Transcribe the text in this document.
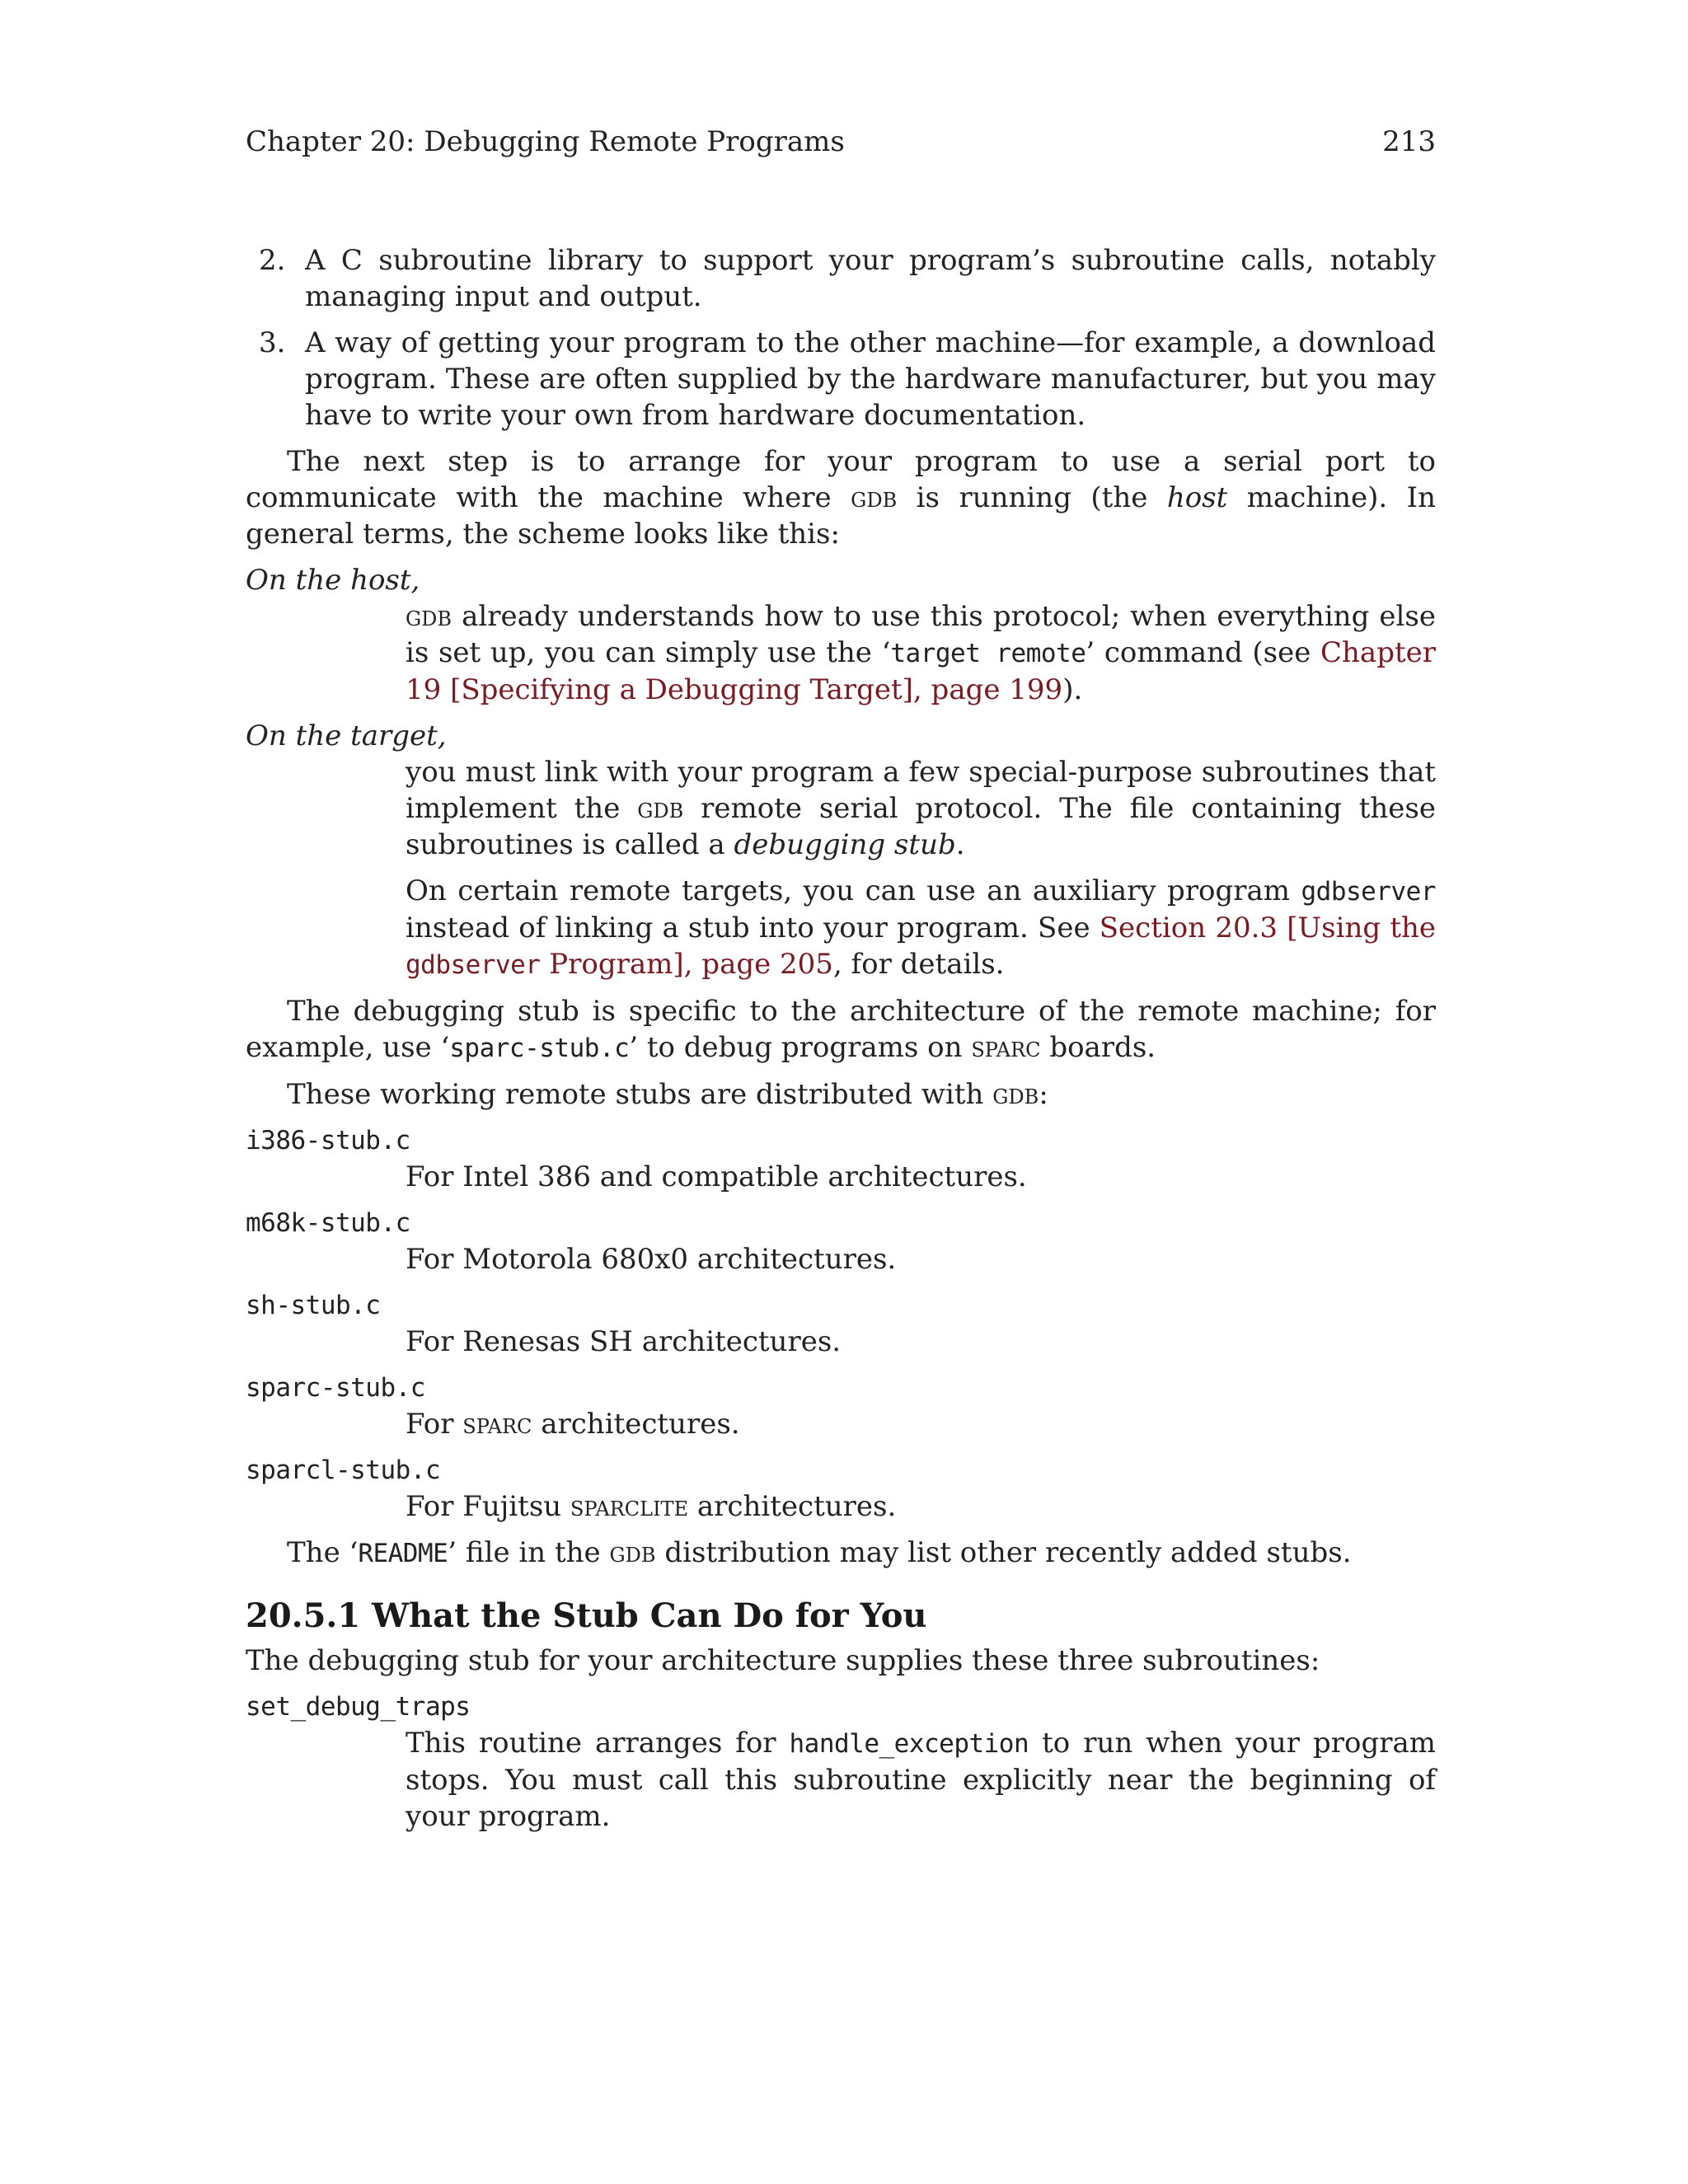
Chapter 20: Debugging Remote Programs	213
2. A C subroutine library to support your program’s subroutine calls, notably managing input and output.
3. A way of getting your program to the other machine—for example, a download program. These are often supplied by the hardware manufacturer, but you may have to write your own from hardware documentation.

The next step is to arrange for your program to use a serial port to communicate with the machine where gdb is running (the host machine). In general terms, the scheme looks like this:

On the host,
gdb already understands how to use this protocol; when everything else is set up, you can simply use the ‘target remote’ command (see Chapter 19 [Specifying a Debugging Target], page 199).
On the target,

you must link with your program a few special-purpose subroutines that implement the gdb remote serial protocol. The file containing these subroutines is called a debugging stub.

On certain remote targets, you can use an auxiliary program gdbserver instead of linking a stub into your program. See Section 20.3 [Using the gdbserver Program], page 205, for details.

The debugging stub is specific to the architecture of the remote machine; for example, use ‘sparc-stub.c’ to debug programs on sparc boards.

These working remote stubs are distributed with gdb:

i386-stub.c
For Intel 386 and compatible architectures.
m68k-stub.c
For Motorola 680x0 architectures.
sh-stub.c
For Renesas SH architectures.
sparc-stub.c
For sparc architectures.
sparcl-stub.c
For Fujitsu sparclite architectures.

The ‘README’ file in the gdb distribution may list other recently added stubs.

20.5.1 What the Stub Can Do for You

The debugging stub for your architecture supplies these three subroutines:

set_debug_traps
This routine arranges for handle_exception to run when your program stops. You must call this subroutine explicitly near the beginning of your program.
